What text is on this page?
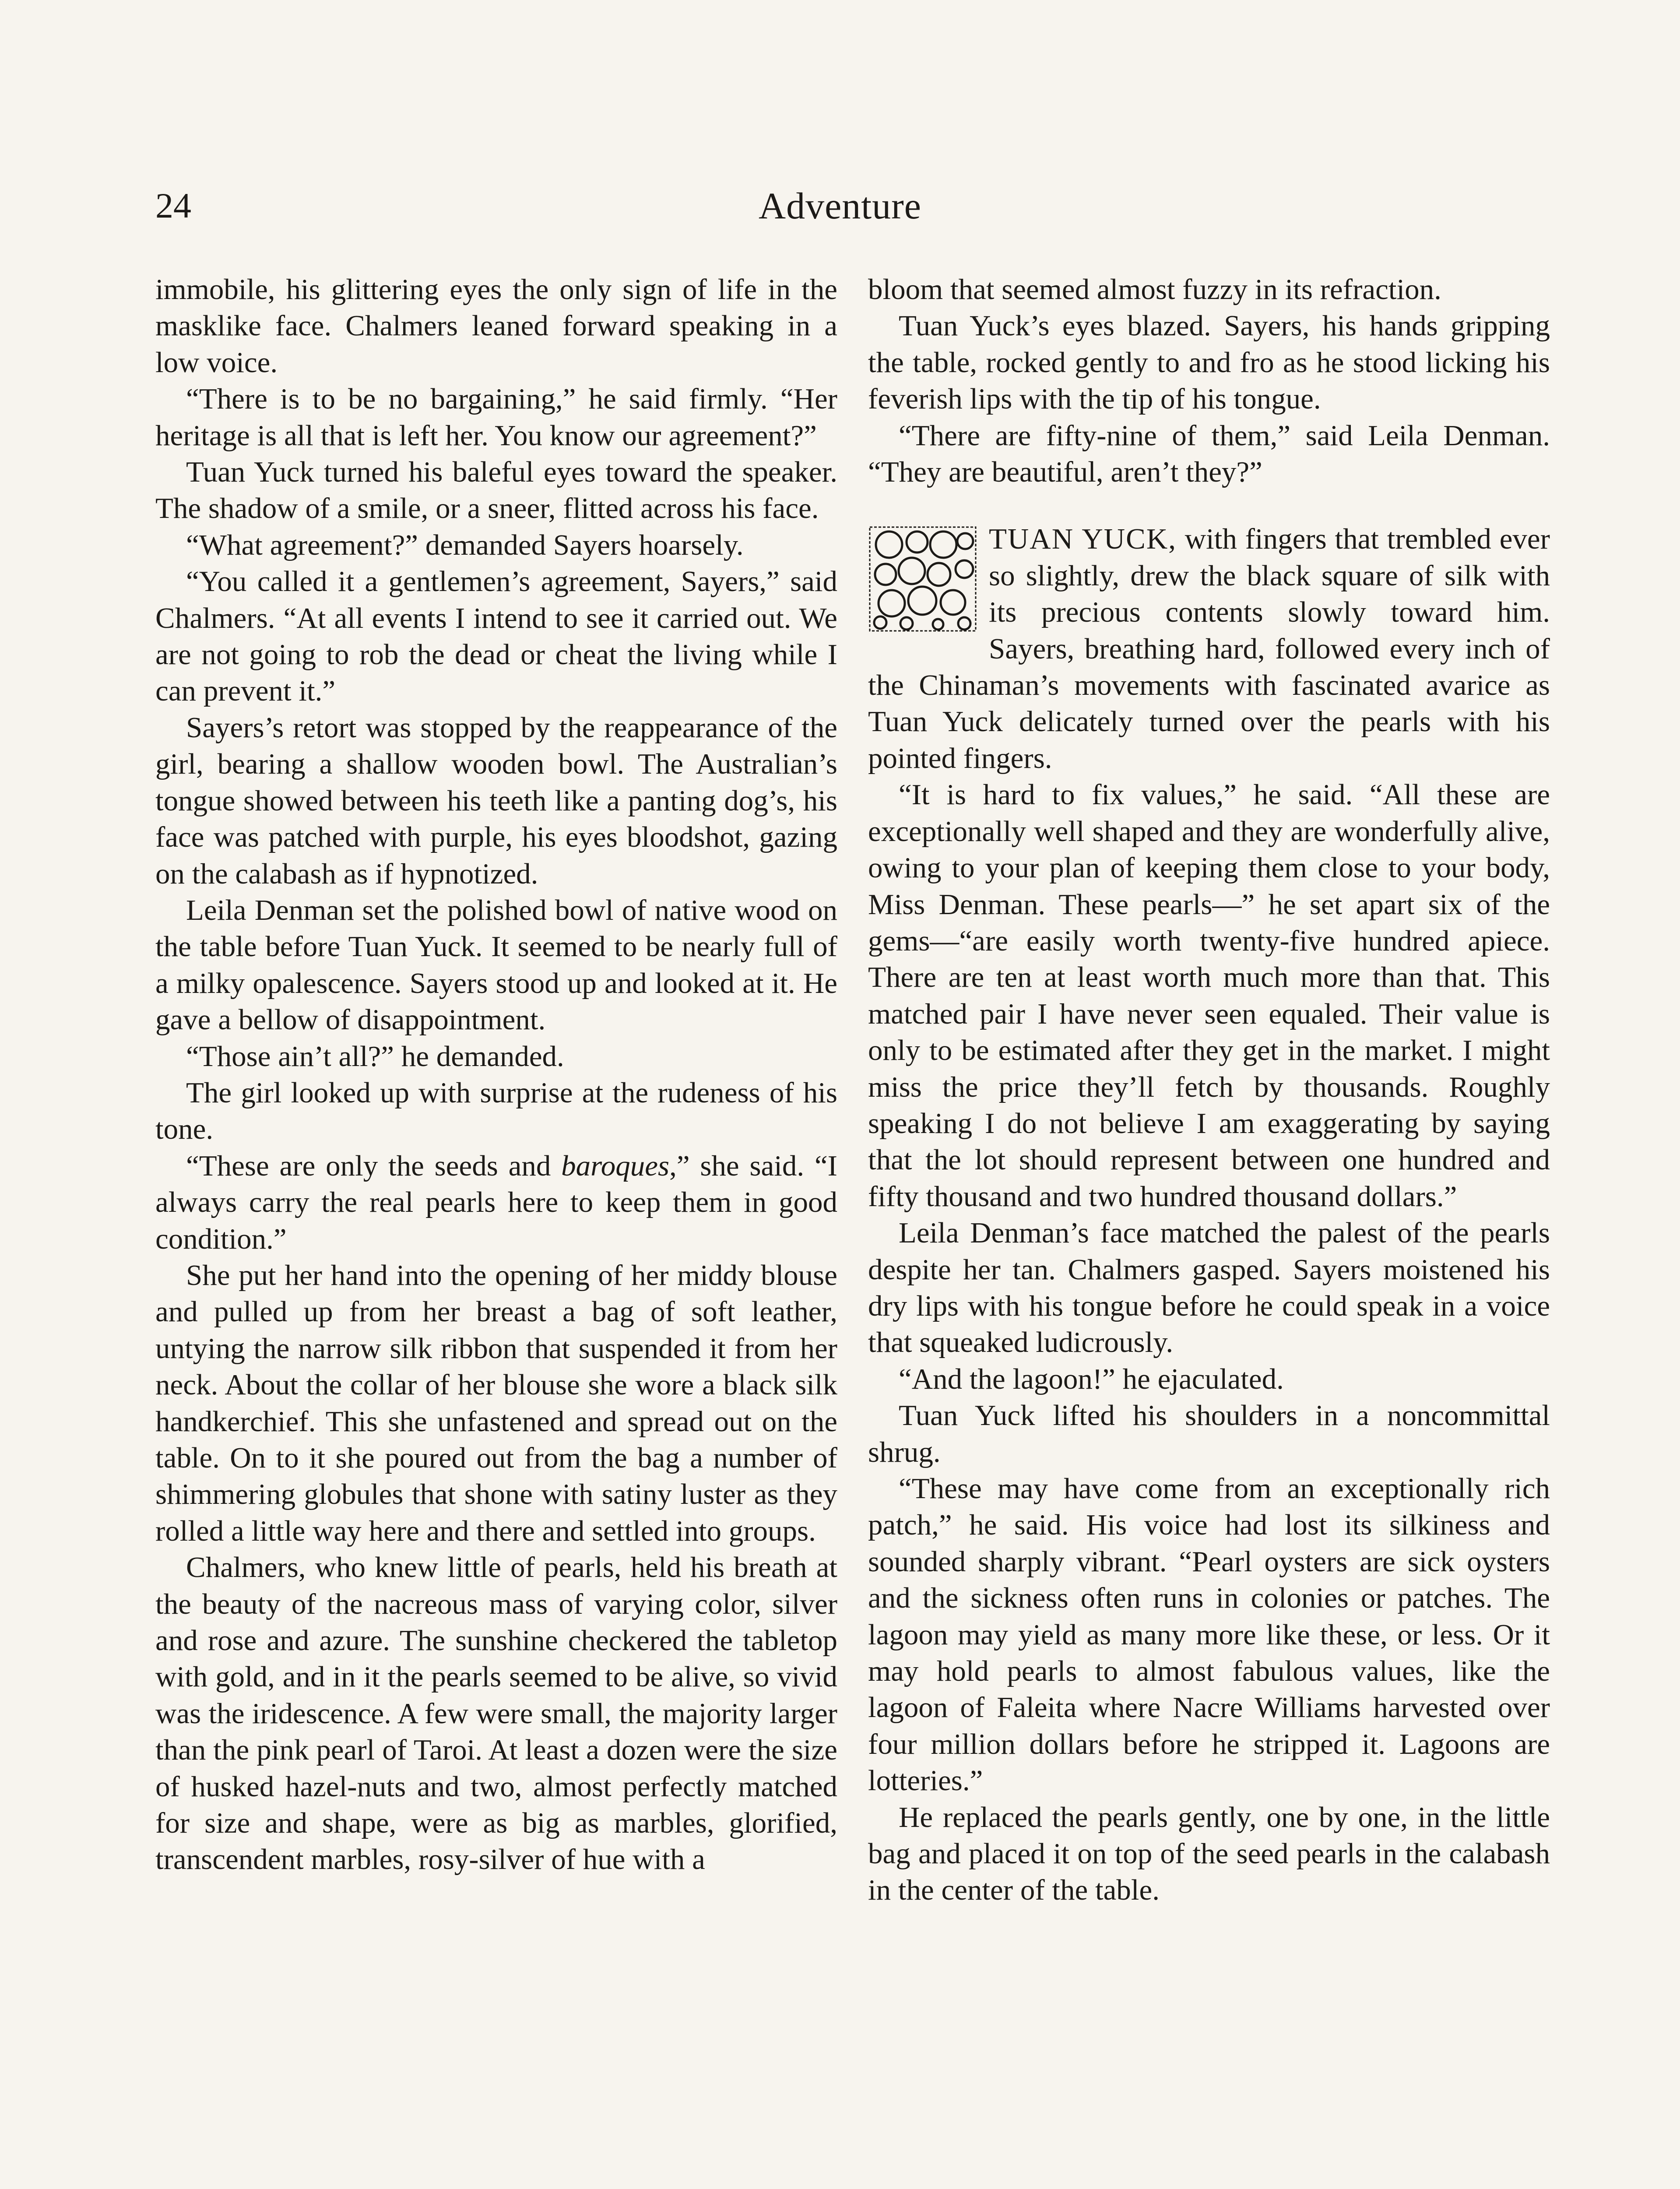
24	Adventure

immobile, his glittering eyes the only sign of life in the masklike face. Chalmers leaned forward speaking in a low voice.

“There is to be no bargaining,” he said firmly. “Her heritage is all that is left her. You know our agreement?”

Tuan Yuck turned his baleful eyes toward the speaker. The shadow of a smile, or a sneer, flitted across his face.

“What agreement?” demanded Sayers hoarsely.

“You called it a gentlemen’s agreement, Sayers,” said Chalmers. “At all events I intend to see it carried out. We are not going to rob the dead or cheat the living while I can prevent it.”

Sayers’s retort was stopped by the reappearance of the girl, bearing a shallow wooden bowl. The Australian’s tongue showed between his teeth like a panting dog’s, his face was patched with purple, his eyes bloodshot, gazing on the calabash as if hypnotized.

Leila Denman set the polished bowl of native wood on the table before Tuan Yuck. It seemed to be nearly full of a milky opalescence. Sayers stood up and looked at it. He gave a bellow of disappointment.

“Those ain’t all?” he demanded.

The girl looked up with surprise at the rudeness of his tone.

“These are only the seeds and baroques,” she said. “I always carry the real pearls here to keep them in good condition.”

She put her hand into the opening of her middy blouse and pulled up from her breast a bag of soft leather, untying the narrow silk ribbon that suspended it from her neck. About the collar of her blouse she wore a black silk handkerchief. This she unfastened and spread out on the table. On to it she poured out from the bag a number of shimmering globules that shone with satiny luster as they rolled a little way here and there and settled into groups.

Chalmers, who knew little of pearls, held his breath at the beauty of the nacreous mass of varying color, silver and rose and azure. The sunshine checkered the tabletop with gold, and in it the pearls seemed to be alive, so vivid was the iridescence. A few were small, the majority larger than the pink pearl of Taroi. At least a dozen were the size of husked hazel-nuts and two, almost perfectly matched for size and shape, were as big as marbles, glorified, transcendent marbles, rosy-silver of hue with a

bloom that seemed almost fuzzy in its refraction.

Tuan Yuck’s eyes blazed. Sayers, his hands gripping the table, rocked gently to and fro as he stood licking his feverish lips with the tip of his tongue.

“There are fifty-nine of them,” said Leila Denman. “They are beautiful, aren’t they?”

TUAN YUCK, with fingers that trembled ever so slightly, drew the black square of silk with its precious contents slowly toward him. Sayers, breathing hard, followed every inch of the Chinaman’s movements with fascinated avarice as Tuan Yuck delicately turned over the pearls with his pointed fingers.

“It is hard to fix values,” he said. “All these are exceptionally well shaped and they are wonderfully alive, owing to your plan of keeping them close to your body, Miss Denman. These pearls—” he set apart six of the gems—“are easily worth twenty-five hundred apiece. There are ten at least worth much more than that. This matched pair I have never seen equaled. Their value is only to be estimated after they get in the market. I might miss the price they’ll fetch by thousands. Roughly speaking I do not believe I am exaggerating by saying that the lot should represent between one hundred and fifty thousand and two hundred thousand dollars.”

Leila Denman’s face matched the palest of the pearls despite her tan. Chalmers gasped. Sayers moistened his dry lips with his tongue before he could speak in a voice that squeaked ludicrously.

“And the lagoon!” he ejaculated.

Tuan Yuck lifted his shoulders in a noncommittal shrug.

“These may have come from an exceptionally rich patch,” he said. His voice had lost its silkiness and sounded sharply vibrant. “Pearl oysters are sick oysters and the sickness often runs in colonies or patches. The lagoon may yield as many more like these, or less. Or it may hold pearls to almost fabulous values, like the lagoon of Faleita where Nacre Williams harvested over four million dollars before he stripped it. Lagoons are lotteries.”

He replaced the pearls gently, one by one, in the little bag and placed it on top of the seed pearls in the calabash in the center of the table.
